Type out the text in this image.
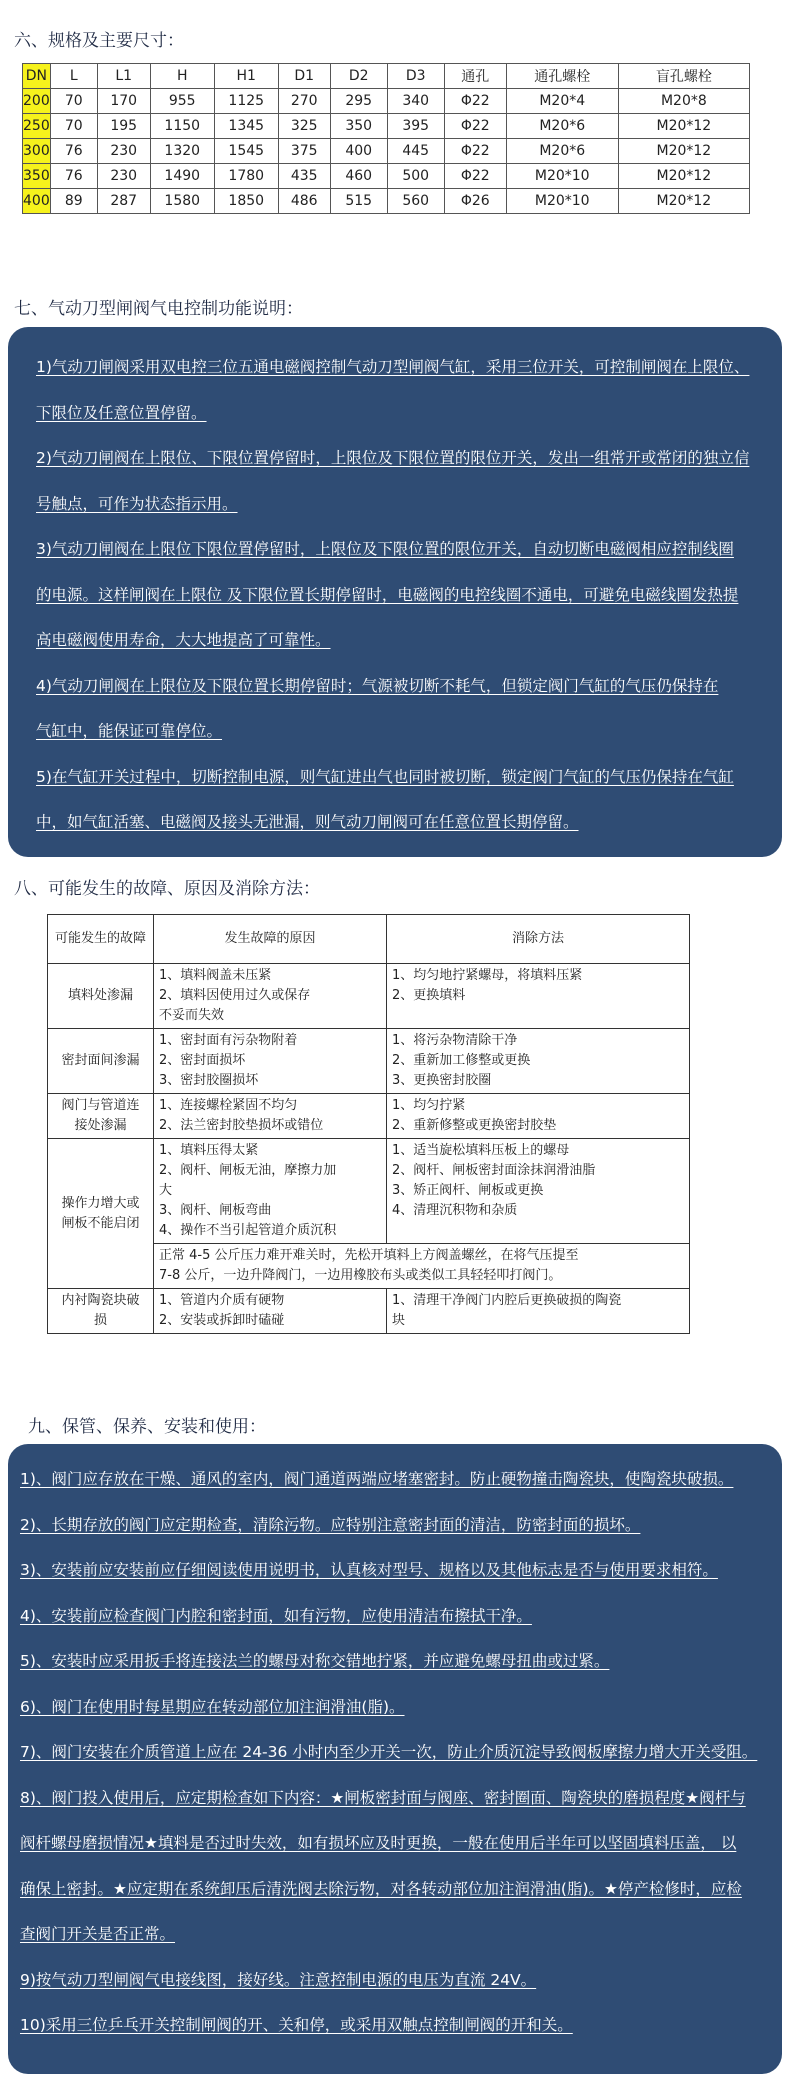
六、规格及主要尺寸：
DN	L	L1	H	H1	D1	D2	D3	通孔	通孔螺栓	盲孔螺栓
200	70	170	955	1125	270	295	340	Φ22	M20*4	M20*8
250	70	195	1150	1345	325	350	395	Φ22	M20*6	M20*12
300	76	230	1320	1545	375	400	445	Φ22	M20*6	M20*12
350	76	230	1490	1780	435	460	500	Φ22	M20*10	M20*12
400	89	287	1580	1850	486	515	560	Φ26	M20*10	M20*12
七、气动刀型闸阀气电控制功能说明：

1)气动刀闸阀采用双电控三位五通电磁阀控制气动刀型闸阀气缸，采用三位开关，可控制闸阀在上限位、

下限位及任意位置停留。

2)气动刀闸阀在上限位、下限位置停留时，上限位及下限位置的限位开关，发出一组常开或常闭的独立信

号触点，可作为状态指示用。

3)气动刀闸阀在上限位下限位置停留时，上限位及下限位置的限位开关，自动切断电磁阀相应控制线圈

的电源。这样闸阀在上限位 及下限位置长期停留时，电磁阀的电控线圈不通电，可避免电磁线圈发热提

高电磁阀使用寿命，大大地提高了可靠性。

4)气动刀闸阀在上限位及下限位置长期停留时；气源被切断不耗气，但锁定阀门气缸的气压仍保持在

气缸中，能保证可靠停位。

5)在气缸开关过程中，切断控制电源，则气缸进出气也同时被切断，锁定阀门气缸的气压仍保持在气缸

中，如气缸活塞、电磁阀及接头无泄漏，则气动刀闸阀可在任意位置长期停留。

八、可能发生的故障、原因及消除方法：
可能发生的故障	发生故障的原因	消除方法

填料处渗漏	1、填料阀盖未压紧
2、填料因使用过久或保存
不妥而失效	1、均匀地拧紧螺母，将填料压紧
2、更换填料

密封面间渗漏	1、密封面有污杂物附着
2、密封面损坏
3、密封胶圈损坏	1、将污杂物清除干净
2、重新加工修整或更换
3、更换密封胶圈

阀门与管道连
接处渗漏	1、连接螺栓紧固不均匀
2、法兰密封胶垫损坏或错位	1、均匀拧紧
2、重新修整或更换密封胶垫

操作力增大或
闸板不能启闭	1、填料压得太紧
2、阀杆、闸板无油，摩擦力加
大
3、阀杆、闸板弯曲
4、操作不当引起管道介质沉积	1、适当旋松填料压板上的螺母
2、阀杆、闸板密封面涂抹润滑油脂
3、矫正阀杆、闸板或更换
4、清理沉积物和杂质

	正常 4-5 公斤压力难开难关时，先松开填料上方阀盖螺丝，在将气压提至
7-8 公斤，一边升降阀门，一边用橡胶布头或类似工具轻轻叩打阀门。	

内衬陶瓷块破
损	1、管道内介质有硬物
2、安装或拆卸时磕碰	1、清理干净阀门内腔后更换破损的陶瓷
块
九、保管、保养、安装和使用：

1)、阀门应存放在干燥、通风的室内，阀门通道两端应堵塞密封。防止硬物撞击陶瓷块，使陶瓷块破损。

2)、长期存放的阀门应定期检查，清除污物。应特别注意密封面的清洁，防密封面的损坏。

3)、安装前应安装前应仔细阅读使用说明书，认真核对型号、规格以及其他标志是否与使用要求相符。

4)、安装前应检查阀门内腔和密封面，如有污物，应使用清洁布擦拭干净。

5)、安装时应采用扳手将连接法兰的螺母对称交错地拧紧，并应避免螺母扭曲或过紧。

6)、阀门在使用时每星期应在转动部位加注润滑油(脂)。

7)、阀门安装在介质管道上应在 24-36 小时内至少开关一次，防止介质沉淀导致阀板摩擦力增大开关受阻。

8)、阀门投入使用后，应定期检查如下内容：★闸板密封面与阀座、密封圈面、陶瓷块的磨损程度★阀杆与

阀杆螺母磨损情况★填料是否过时失效，如有损坏应及时更换，一般在使用后半年可以坚固填料压盖， 以

确保上密封。★应定期在系统卸压后清洗阀去除污物，对各转动部位加注润滑油(脂)。★停产检修时，应检

查阀门开关是否正常。

9)按气动刀型闸阀气电接线图，接好线。注意控制电源的电压为直流 24V。

10)采用三位乒乓开关控制闸阀的开、关和停，或采用双触点控制闸阀的开和关。
